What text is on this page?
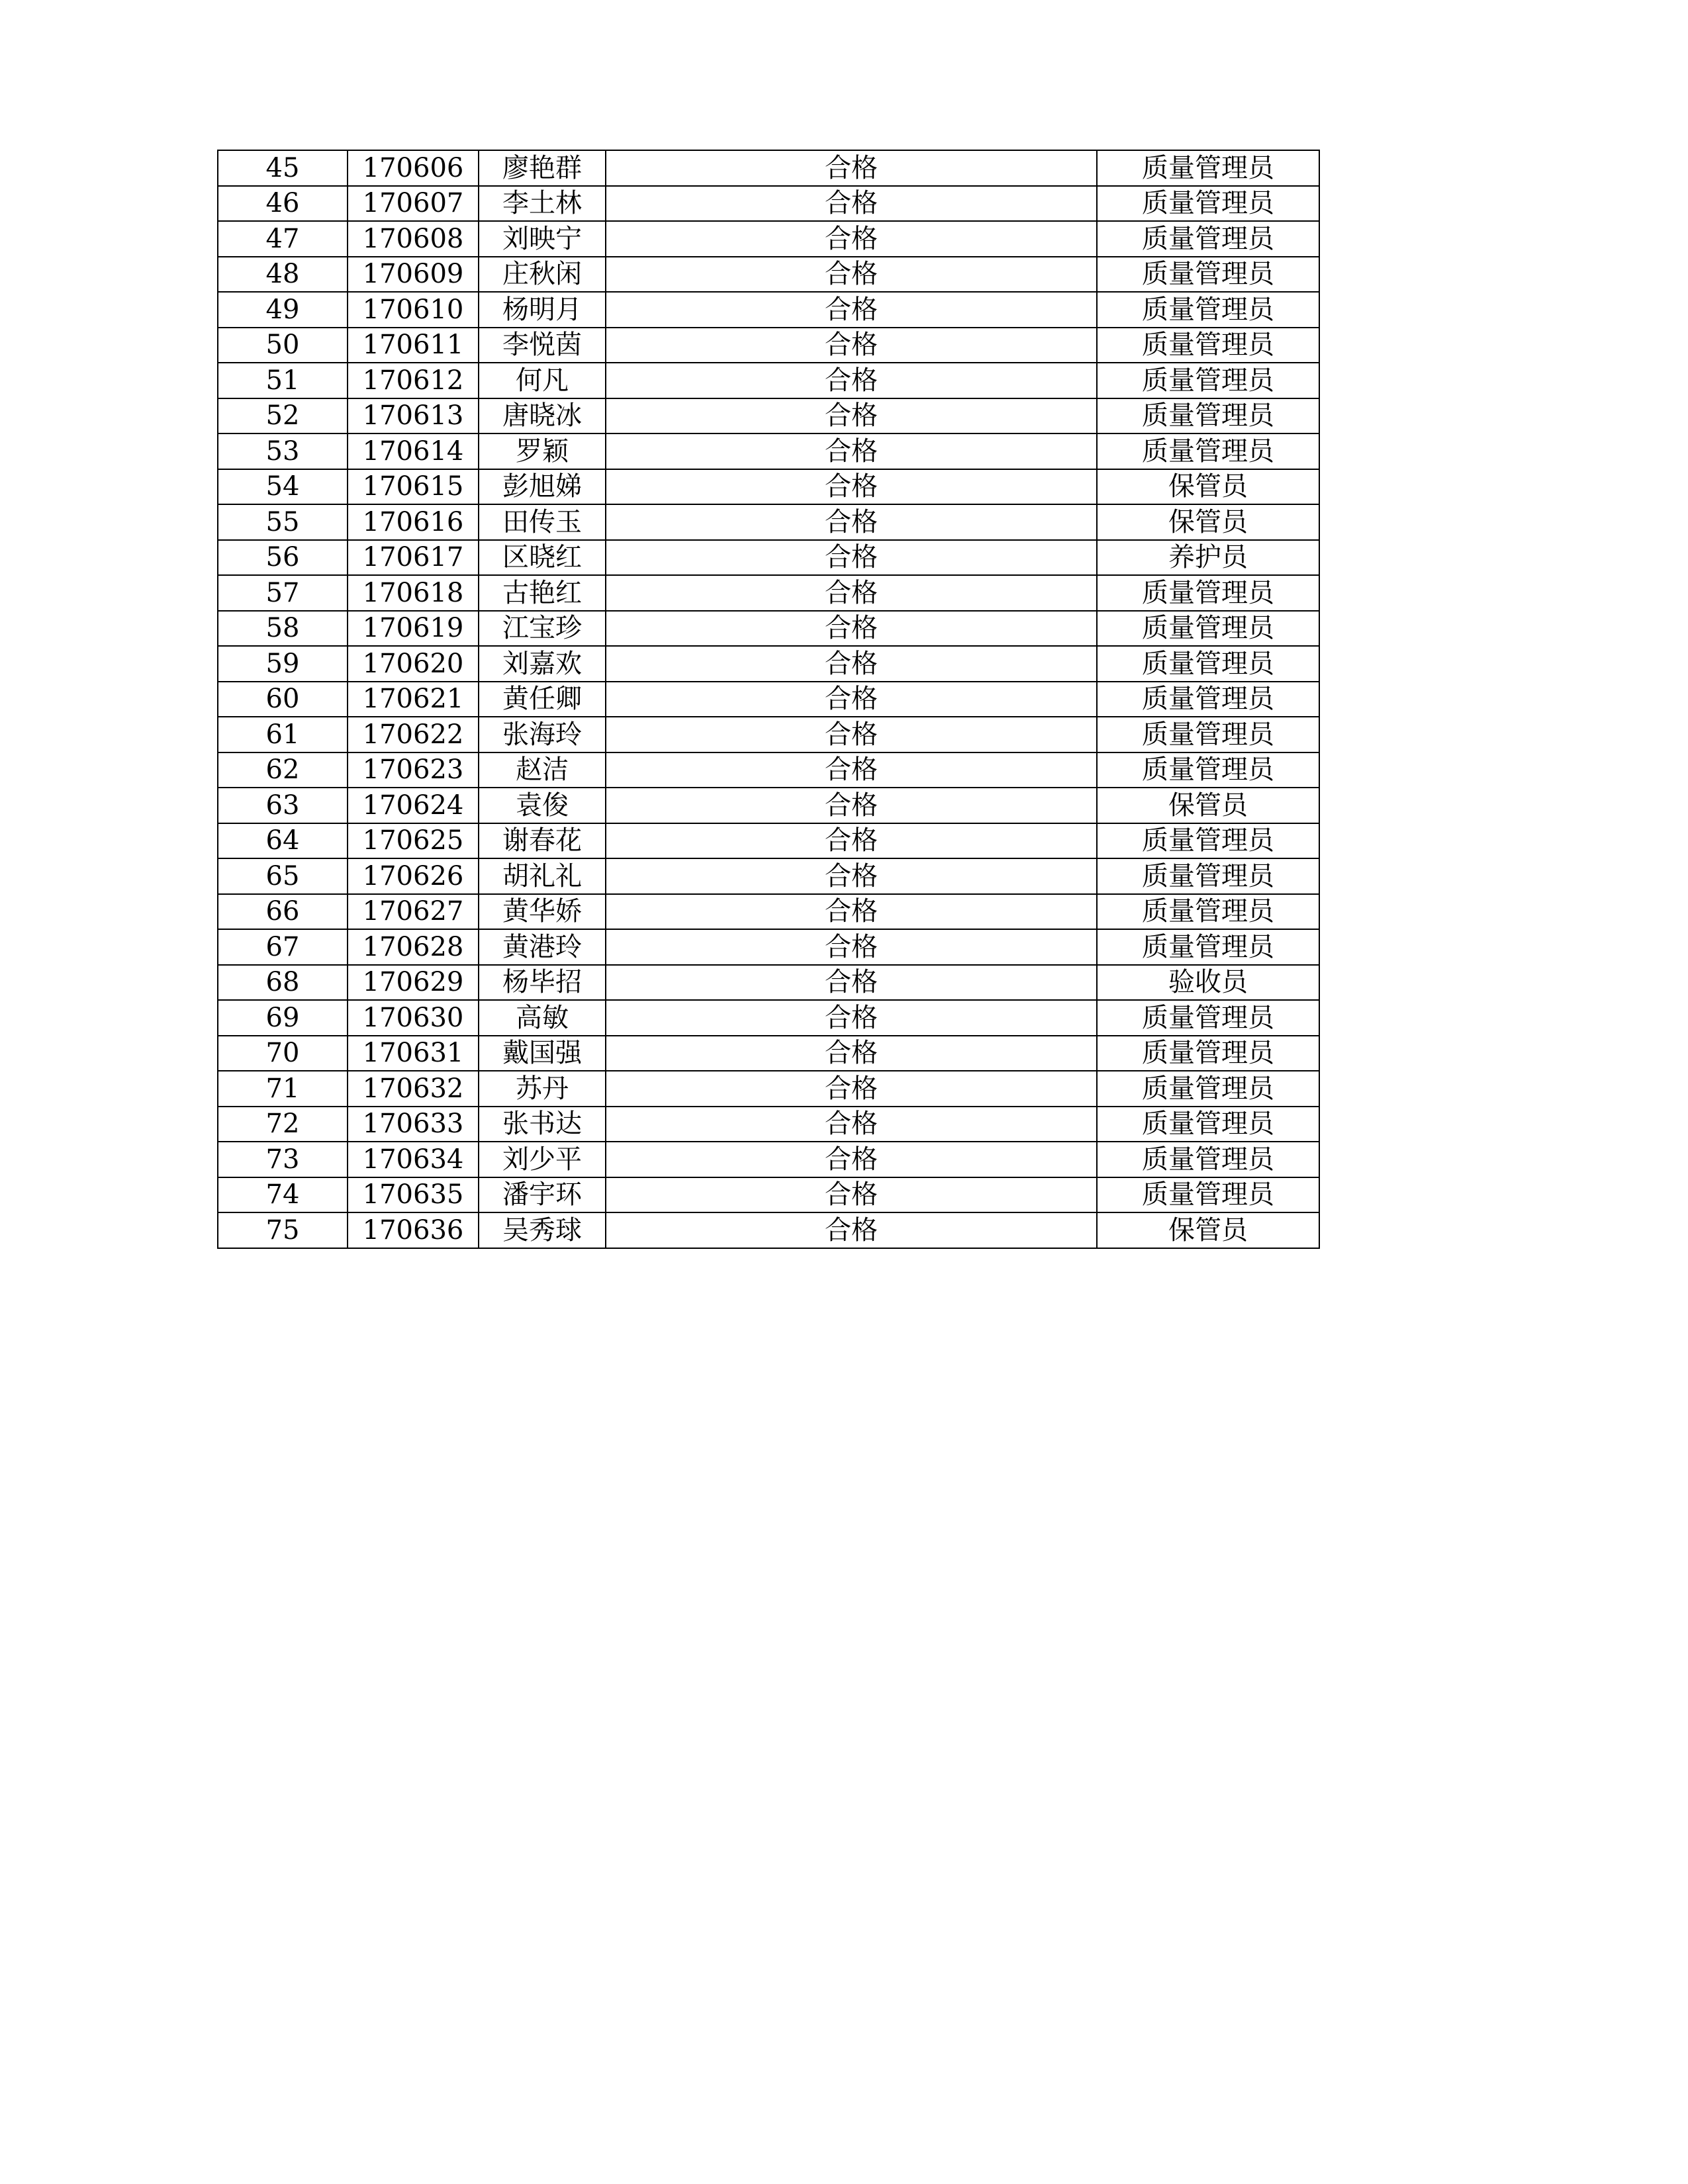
45	170606	廖艳群	合格	质量管理员
46	170607	李土林	合格	质量管理员
47	170608	刘映宁	合格	质量管理员
48	170609	庄秋闲	合格	质量管理员
49	170610	杨明月	合格	质量管理员
50	170611	李悦茵	合格	质量管理员
51	170612	何凡	合格	质量管理员
52	170613	唐晓冰	合格	质量管理员
53	170614	罗颖	合格	质量管理员
54	170615	彭旭娣	合格	保管员
55	170616	田传玉	合格	保管员
56	170617	区晓红	合格	养护员
57	170618	古艳红	合格	质量管理员
58	170619	江宝珍	合格	质量管理员
59	170620	刘嘉欢	合格	质量管理员
60	170621	黄任卿	合格	质量管理员
61	170622	张海玲	合格	质量管理员
62	170623	赵洁	合格	质量管理员
63	170624	袁俊	合格	保管员
64	170625	谢春花	合格	质量管理员
65	170626	胡礼礼	合格	质量管理员
66	170627	黄华娇	合格	质量管理员
67	170628	黄港玲	合格	质量管理员
68	170629	杨毕招	合格	验收员
69	170630	高敏	合格	质量管理员
70	170631	戴国强	合格	质量管理员
71	170632	苏丹	合格	质量管理员
72	170633	张书达	合格	质量管理员
73	170634	刘少平	合格	质量管理员
74	170635	潘宇环	合格	质量管理员
75	170636	吴秀球	合格	保管员
